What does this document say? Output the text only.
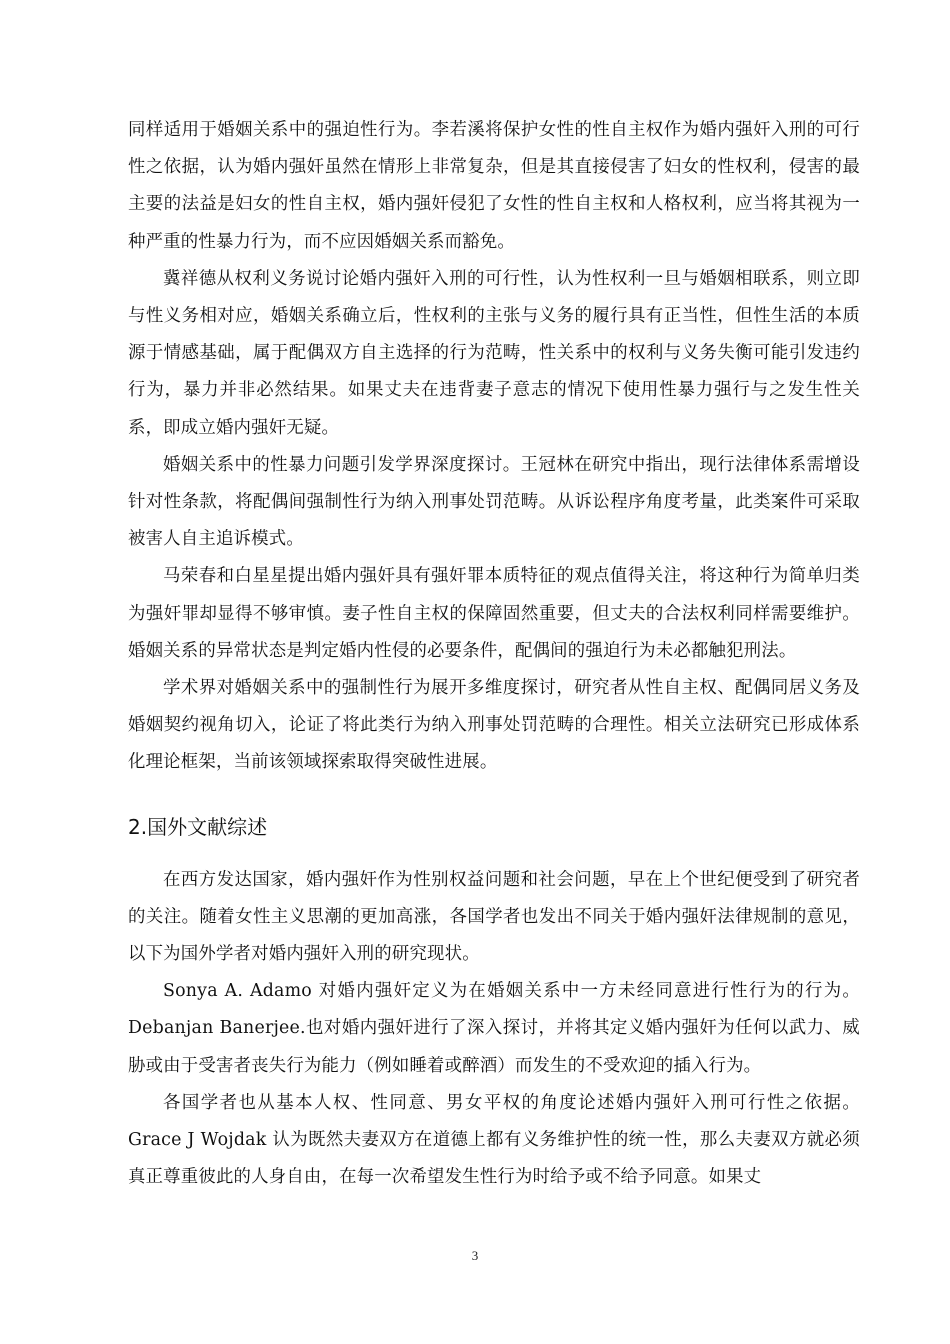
同样适用于婚姻关系中的强迫性行为。李若溪将保护女性的性自主权作为婚内强奸入刑的可行性之依据，认为婚内强奸虽然在情形上非常复杂，但是其直接侵害了妇女的性权利，侵害的最主要的法益是妇女的性自主权，婚内强奸侵犯了女性的性自主权和人格权利，应当将其视为一种严重的性暴力行为，而不应因婚姻关系而豁免。

冀祥德从权利义务说讨论婚内强奸入刑的可行性，认为性权利一旦与婚姻相联系，则立即与性义务相对应，婚姻关系确立后，性权利的主张与义务的履行具有正当性，但性生活的本质源于情感基础，属于配偶双方自主选择的行为范畴，性关系中的权利与义务失衡可能引发违约行为，暴力并非必然结果。如果丈夫在违背妻子意志的情况下使用性暴力强行与之发生性关系，即成立婚内强奸无疑。

婚姻关系中的性暴力问题引发学界深度探讨。王冠林在研究中指出，现行法律体系需增设针对性条款，将配偶间强制性行为纳入刑事处罚范畴。从诉讼程序角度考量，此类案件可采取被害人自主追诉模式。

马荣春和白星星提出婚内强奸具有强奸罪本质特征的观点值得关注，将这种行为简单归类为强奸罪却显得不够审慎。妻子性自主权的保障固然重要，但丈夫的合法权利同样需要维护。婚姻关系的异常状态是判定婚内性侵的必要条件，配偶间的强迫行为未必都触犯刑法。

学术界对婚姻关系中的强制性行为展开多维度探讨，研究者从性自主权、配偶同居义务及婚姻契约视角切入，论证了将此类行为纳入刑事处罚范畴的合理性。相关立法研究已形成体系化理论框架，当前该领域探索取得突破性进展。

2.国外文献综述

在西方发达国家，婚内强奸作为性别权益问题和社会问题，早在上个世纪便受到了研究者的关注。随着女性主义思潮的更加高涨，各国学者也发出不同关于婚内强奸法律规制的意见，以下为国外学者对婚内强奸入刑的研究现状。

Sonya A. Adamo 对婚内强奸定义为在婚姻关系中一方未经同意进行性行为的行为。Debanjan Banerjee.也对婚内强奸进行了深入探讨，并将其定义婚内强奸为任何以武力、威胁或由于受害者丧失行为能力（例如睡着或醉酒）而发生的不受欢迎的插入行为。

各国学者也从基本人权、性同意、男女平权的角度论述婚内强奸入刑可行性之依据。Grace J Wojdak 认为既然夫妻双方在道德上都有义务维护性的统一性，那么夫妻双方就必须真正尊重彼此的人身自由，在每一次希望发生性行为时给予或不给予同意。如果丈

3
